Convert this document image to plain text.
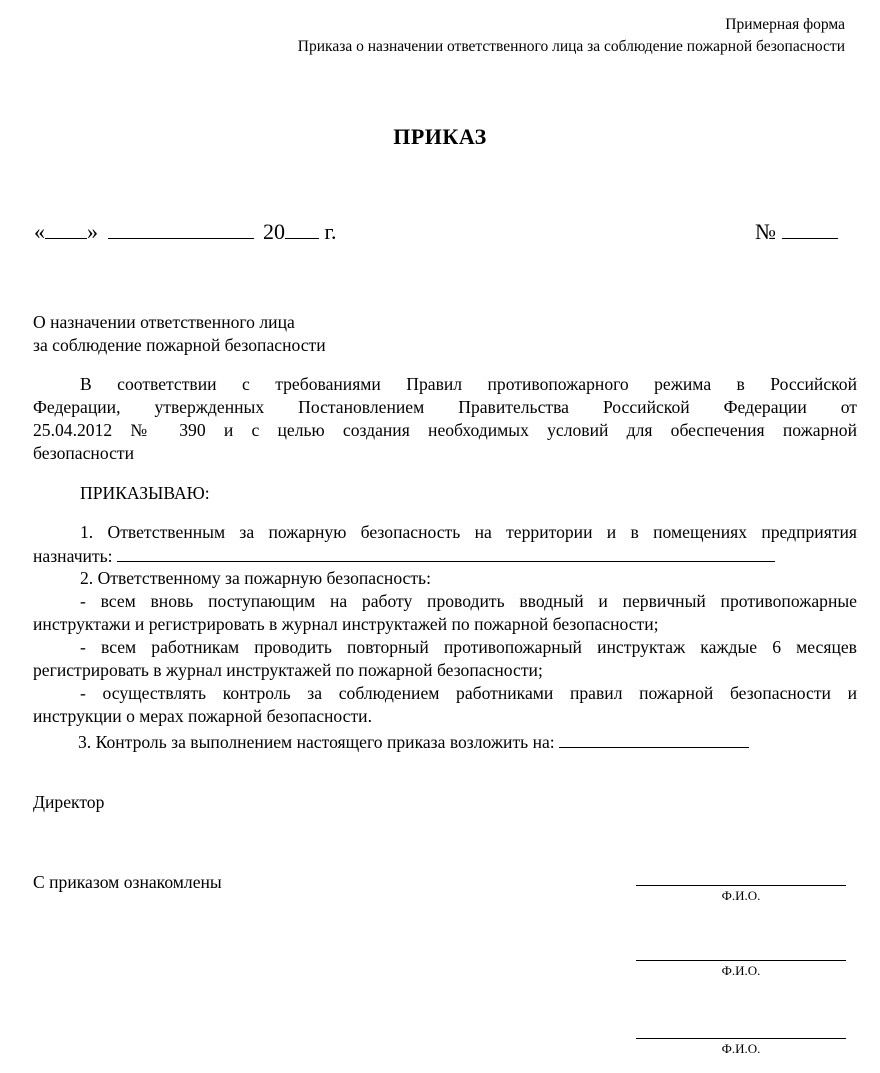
Примерная форма
Приказа о назначении ответственного лица за соблюдение пожарной безопасности
ПРИКАЗ
« »	20 г.	№
О назначении ответственного лица
за соблюдение пожарной безопасности
В соответствии с требованиями Правил противопожарного режима в Российской
Федерации, утвержденных Постановлением Правительства Российской Федерации от
25.04.2012 № 390 и с целью создания необходимых условий для обеспечения пожарной
безопасности
ПРИКАЗЫВАЮ:
1. Ответственным за пожарную безопасность на территории и в помещениях предприятия
назначить:
2. Ответственному за пожарную безопасность:
- всем вновь поступающим на работу проводить вводный и первичный противопожарные
инструктажи и регистрировать в журнал инструктажей по пожарной безопасности;
- всем работникам проводить повторный противопожарный инструктаж каждые 6 месяцев
регистрировать в журнал инструктажей по пожарной безопасности;
- осуществлять контроль за соблюдением работниками правил пожарной безопасности и
инструкции о мерах пожарной безопасности.
3. Контроль за выполнением настоящего приказа возложить на:
Директор
С приказом ознакомлены
Ф.И.О.
Ф.И.О.
Ф.И.О.
